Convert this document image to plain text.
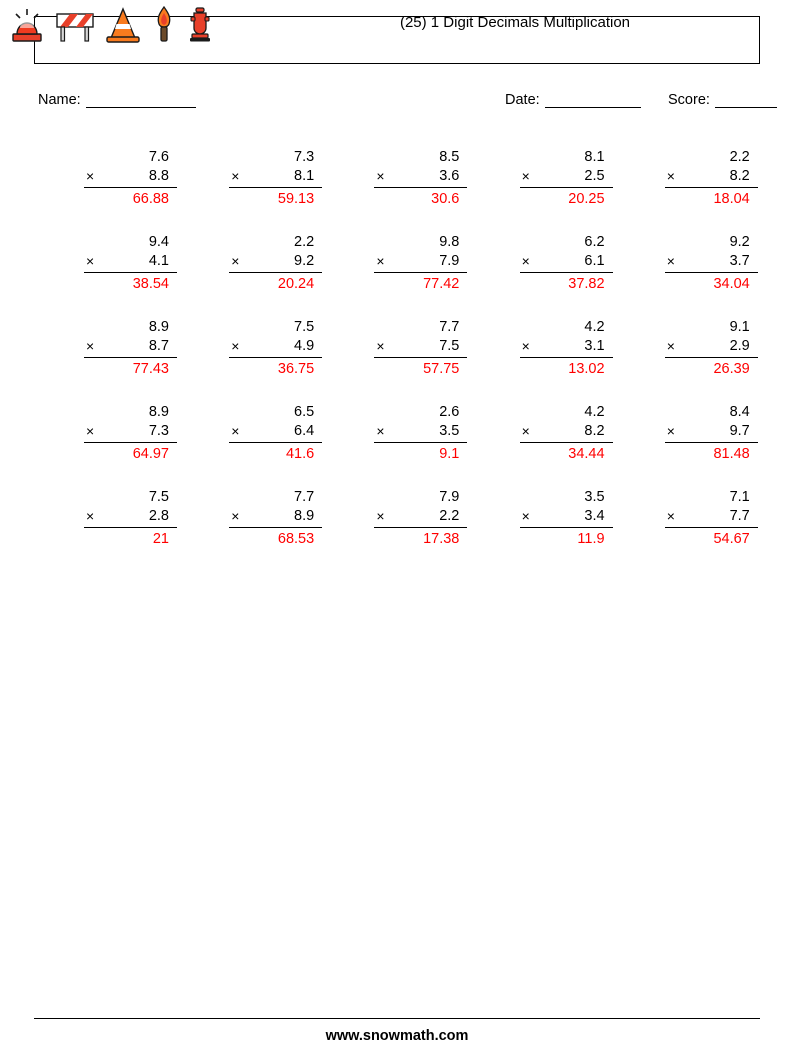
(25) 1 Digit Decimals Multiplication
Name:	Date:	Score:
7.6
×	8.8
66.88
7.3
×	8.1
59.13
8.5
×	3.6
30.6
8.1
×	2.5
20.25
2.2
×	8.2
18.04
9.4
×	4.1
38.54
2.2
×	9.2
20.24
9.8
×	7.9
77.42
6.2
×	6.1
37.82
9.2
×	3.7
34.04
8.9
×	8.7
77.43
7.5
×	4.9
36.75
7.7
×	7.5
57.75
4.2
×	3.1
13.02
9.1
×	2.9
26.39
8.9
×	7.3
64.97
6.5
×	6.4
41.6
2.6
×	3.5
9.1
4.2
×	8.2
34.44
8.4
×	9.7
81.48
7.5
×	2.8
21
7.7
×	8.9
68.53
7.9
×	2.2
17.38
3.5
×	3.4
11.9
7.1
×	7.7
54.67
www.snowmath.com
